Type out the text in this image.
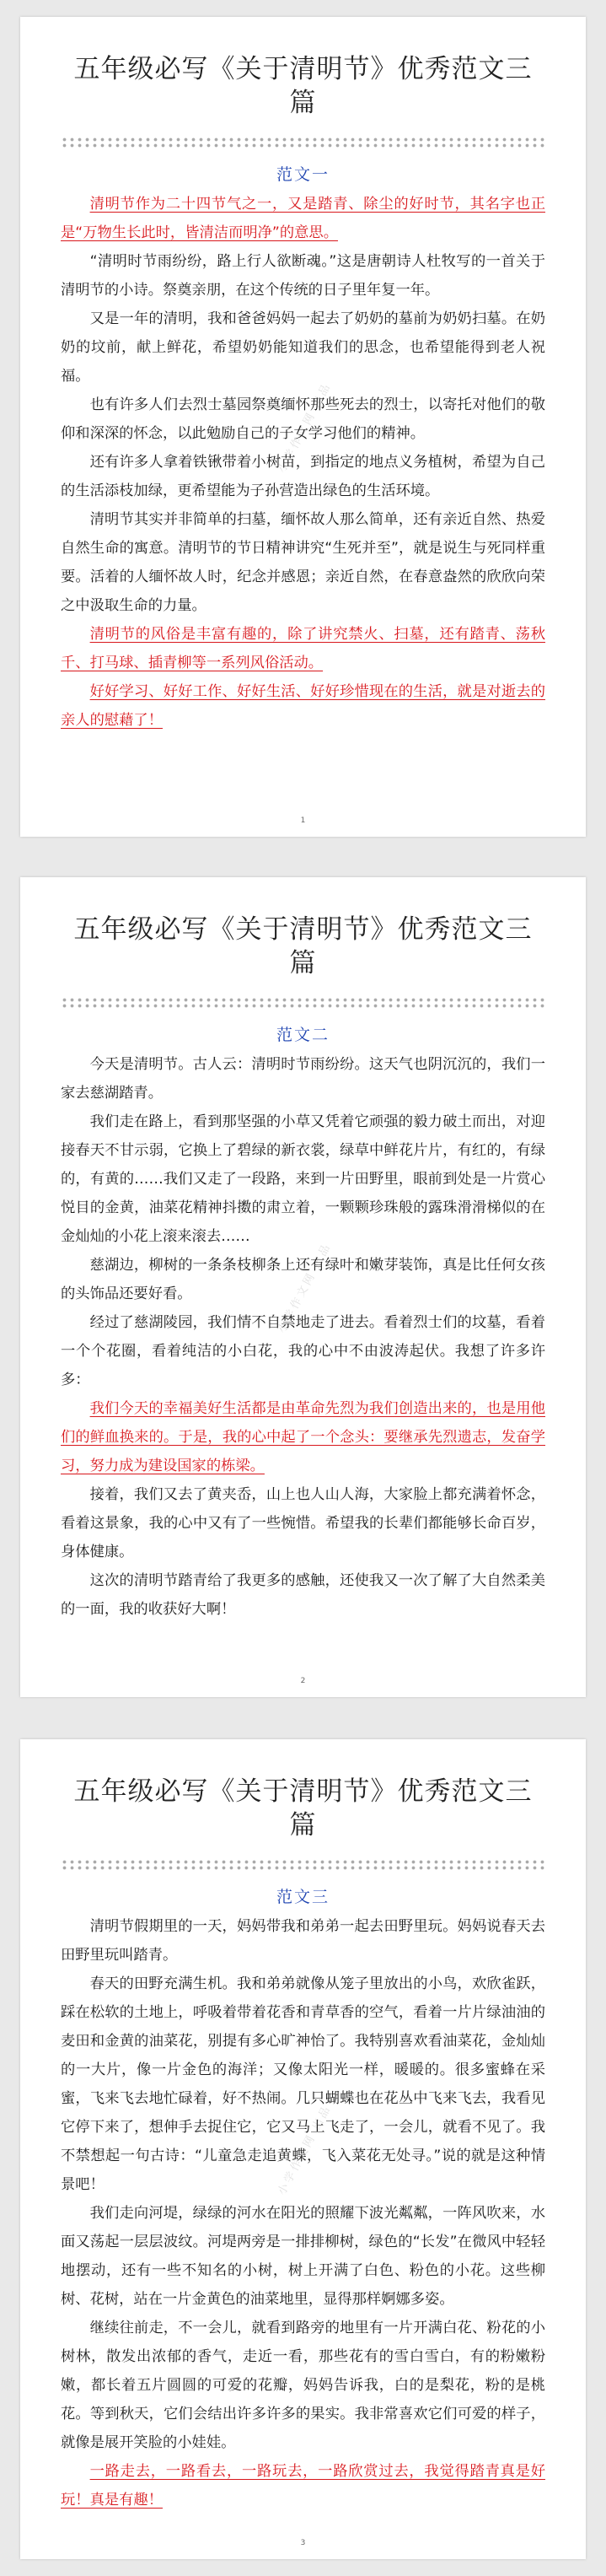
五年级必写《关于清明节》优秀范文三篇
范文一

清明节作为二十四节气之一，又是踏青、除尘的好时节，其名字也正是“万物生长此时，皆清洁而明净”的意思。

“清明时节雨纷纷，路上行人欲断魂。”这是唐朝诗人杜牧写的一首关于清明节的小诗。祭奠亲朋，在这个传统的日子里年复一年。

又是一年的清明，我和爸爸妈妈一起去了奶奶的墓前为奶奶扫墓。在奶奶的坟前，献上鲜花，希望奶奶能知道我们的思念，也希望能得到老人祝福。

也有许多人们去烈士墓园祭奠缅怀那些死去的烈士，以寄托对他们的敬仰和深深的怀念，以此勉励自己的子女学习他们的精神。

还有许多人拿着铁锹带着小树苗，到指定的地点义务植树，希望为自己的生活添枝加绿，更希望能为子孙营造出绿色的生活环境。

清明节其实并非简单的扫墓，缅怀故人那么简单，还有亲近自然、热爱自然生命的寓意。清明节的节日精神讲究“生死并至”，就是说生与死同样重要。活着的人缅怀故人时，纪念并感恩；亲近自然，在春意盎然的欣欣向荣之中汲取生命的力量。

清明节的风俗是丰富有趣的，除了讲究禁火、扫墓，还有踏青、荡秋千、打马球、插青柳等一系列风俗活动。

好好学习、好好工作、好好生活、好好珍惜现在的生活，就是对逝去的亲人的慰藉了！

小学作文网 出品
1
五年级必写《关于清明节》优秀范文三篇
范文二

今天是清明节。古人云：清明时节雨纷纷。这天气也阴沉沉的，我们一家去慈湖踏青。

我们走在路上，看到那坚强的小草又凭着它顽强的毅力破土而出，对迎接春天不甘示弱，它换上了碧绿的新衣裳，绿草中鲜花片片，有红的，有绿的，有黄的……我们又走了一段路，来到一片田野里，眼前到处是一片赏心悦目的金黄，油菜花精神抖擞的肃立着，一颗颗珍珠般的露珠滑滑梯似的在金灿灿的小花上滚来滚去……

慈湖边，柳树的一条条枝柳条上还有绿叶和嫩芽装饰，真是比任何女孩的头饰品还要好看。

经过了慈湖陵园，我们情不自禁地走了进去。看着烈士们的坟墓，看着一个个花圈，看着纯洁的小白花，我的心中不由波涛起伏。我想了许多许多：

我们今天的幸福美好生活都是由革命先烈为我们创造出来的，也是用他们的鲜血换来的。于是，我的心中起了一个念头：要继承先烈遗志，发奋学习，努力成为建设国家的栋梁。

接着，我们又去了黄夹岙，山上也人山人海，大家脸上都充满着怀念，看着这景象，我的心中又有了一些惋惜。希望我的长辈们都能够长命百岁，身体健康。

这次的清明节踏青给了我更多的感触，还使我又一次了解了大自然柔美的一面，我的收获好大啊！

小学作文网 出品
2
五年级必写《关于清明节》优秀范文三篇
范文三

清明节假期里的一天，妈妈带我和弟弟一起去田野里玩。妈妈说春天去田野里玩叫踏青。

春天的田野充满生机。我和弟弟就像从笼子里放出的小鸟，欢欣雀跃，踩在松软的土地上，呼吸着带着花香和青草香的空气，看着一片片绿油油的麦田和金黄的油菜花，别提有多心旷神怡了。我特别喜欢看油菜花，金灿灿的一大片，像一片金色的海洋；又像太阳光一样，暖暖的。很多蜜蜂在采蜜，飞来飞去地忙碌着，好不热闹。几只蝴蝶也在花丛中飞来飞去，我看见它停下来了，想伸手去捉住它，它又马上飞走了，一会儿，就看不见了。我不禁想起一句古诗：“儿童急走追黄蝶，飞入菜花无处寻。”说的就是这种情景吧！

我们走向河堤，绿绿的河水在阳光的照耀下波光粼粼，一阵风吹来，水面又荡起一层层波纹。河堤两旁是一排排柳树，绿色的“长发”在微风中轻轻地摆动，还有一些不知名的小树，树上开满了白色、粉色的小花。这些柳树、花树，站在一片金黄色的油菜地里，显得那样婀娜多姿。

继续往前走，不一会儿，就看到路旁的地里有一片开满白花、粉花的小树林，散发出浓郁的香气，走近一看，那些花有的雪白雪白，有的粉嫩粉嫩，都长着五片圆圆的可爱的花瓣，妈妈告诉我，白的是梨花，粉的是桃花。等到秋天，它们会结出许多许多的果实。我非常喜欢它们可爱的样子，就像是展开笑脸的小娃娃。

一路走去，一路看去，一路玩去，一路欣赏过去，我觉得踏青真是好玩！真是有趣！

小学作文网 出品
3
